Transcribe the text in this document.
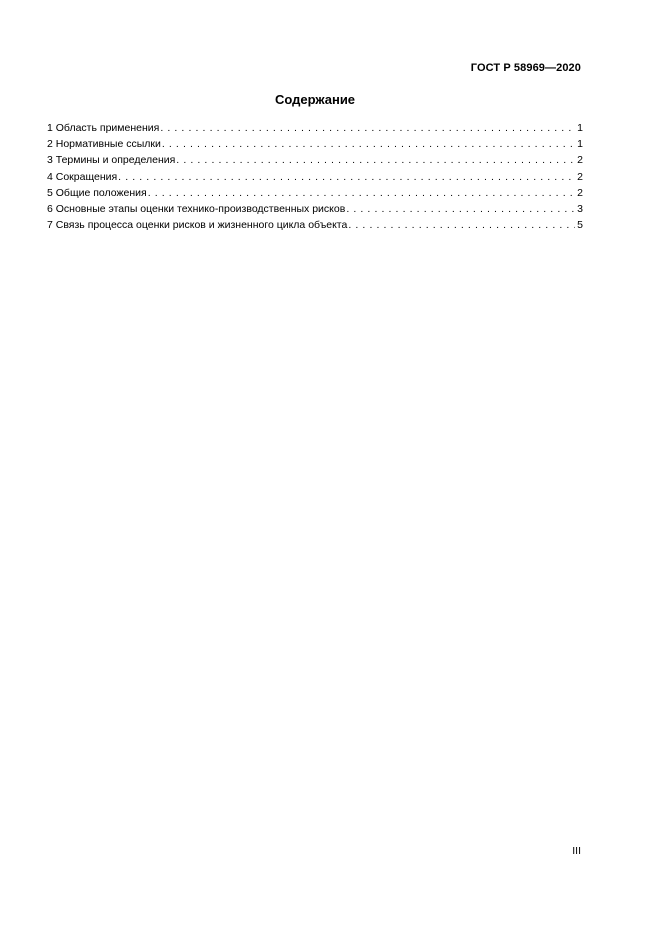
ГОСТ Р 58969—2020
Содержание
1 Область применения . . .	1
2 Нормативные ссылки . . .	1
3 Термины и определения . . .	2
4 Сокращения . . .	2
5 Общие положения . . .	2
6 Основные этапы оценки технико-производственных рисков . . .	3
7 Связь процесса оценки рисков и жизненного цикла объекта . . .	5
III
